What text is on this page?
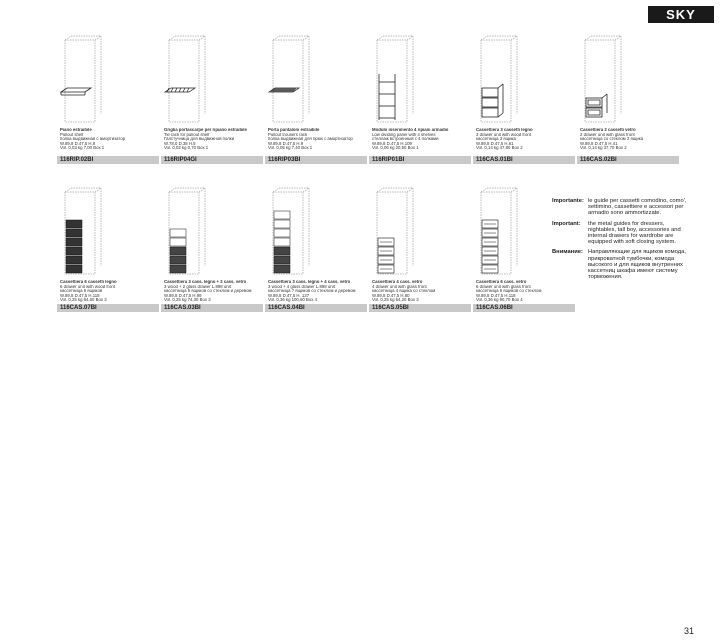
SKY
Piano estraibile
Pullout shelf
полка выдвижная с амортизатор
W.89,8 D.47,5 H.8
Vol. 0,03 kg 7,00 Box 1
116RIP.02BI
Griglia portascarpe per ripiano estraibile
Tie rack for pullout shelf
Галстучница для выдвижной полки
W.78,0 D.38 H.5
Vol. 0,02 kg 0,70 Box 1
116RIP04GI
Porta pantaloni estraibile
Pullout trousers rack
полка выдвижная для брюк с амортизатор
W.89,8 D.47,5 H.9
Vol. 0,05 kg 7,40 Box 1
116RIP03BI
Modulo inserimento 4 ripiani armadio
Low dividing panel with 4 shelves
стеллаж встроенный с 4 полками
W.89,8 D.47,5 H.109
Vol. 0,06 kg 20,50 Box 1
116RIP01BI
Cassettiera 3 cassetti legno
3 drawer unit with wood front
кассетница 3 ящика
W.89,8 D.47,5 H.61
Vol. 0,14 kg 47,80 Box 2
116CAS.01BI
Cassettiera 2 cassetti vetro
2 drawer unit with glass front
кассетница со стеклом 2 ящика
W.89,8 D.47,5 H.41
Vol. 0,14 kg 37,70 Box 2
116CAS.02BI
Cassettiera 6 cassetti legno
6 drawer unit with wood front
кассетница 6 ящиков
W.89,8 D.47,5 H.118
Vol. 0,25 kg 84,60 Box 3
116CAS.07BI
Cassettiera 3 cass. legno + 2 cass. vetro
3 wood + 2 glass drawer L.898 unit
кассетница 5 ящиков со стеклом и деревом
W.89,8 D.47,5 H.99
Vol. 0,25 kg 74,30 Box 3
116CAS.03BI
Cassettiera 3 cass. legno + 4 cass. vetro
3 wood + 4 glass drawer L.898 unit
кассетница 7 ящиков со стеклом и деревом
W.89,8 D.47,5 H. 137
Vol. 0,36 kg 100,60 Box 4
116CAS.04BI
Cassettiera 4 cass. vetro
4 drawer unit with glass front
кассетница 4 ящика со стеклом
W.89,8 D.47,5 H.80
Vol. 0,25 kg 64,20 Box 3
116CAS.05BI
Cassettiera 6 cass. vetro
6 drawer unit with glass front
кассетница 6 ящиков со стеклом
W.89,8 D.47,5 H.118
Vol. 0,36 kg 90,70 Box 4
116CAS.06BI
Importante: le guide per cassetti comodino, como', settimino, cassettiere e accessori per armadio sono ammortizzate.
Important:	the metal guides for dressers, nightables, tall boy, accessories and internal drawers for wardrobe are equipped with soft closing system.
Внимание: Направляющие для ящиков комода, прикроватной тумбочки, комода высокого и для ящиков внутренних кассетниц шкафа имеют систему торможения.
31
